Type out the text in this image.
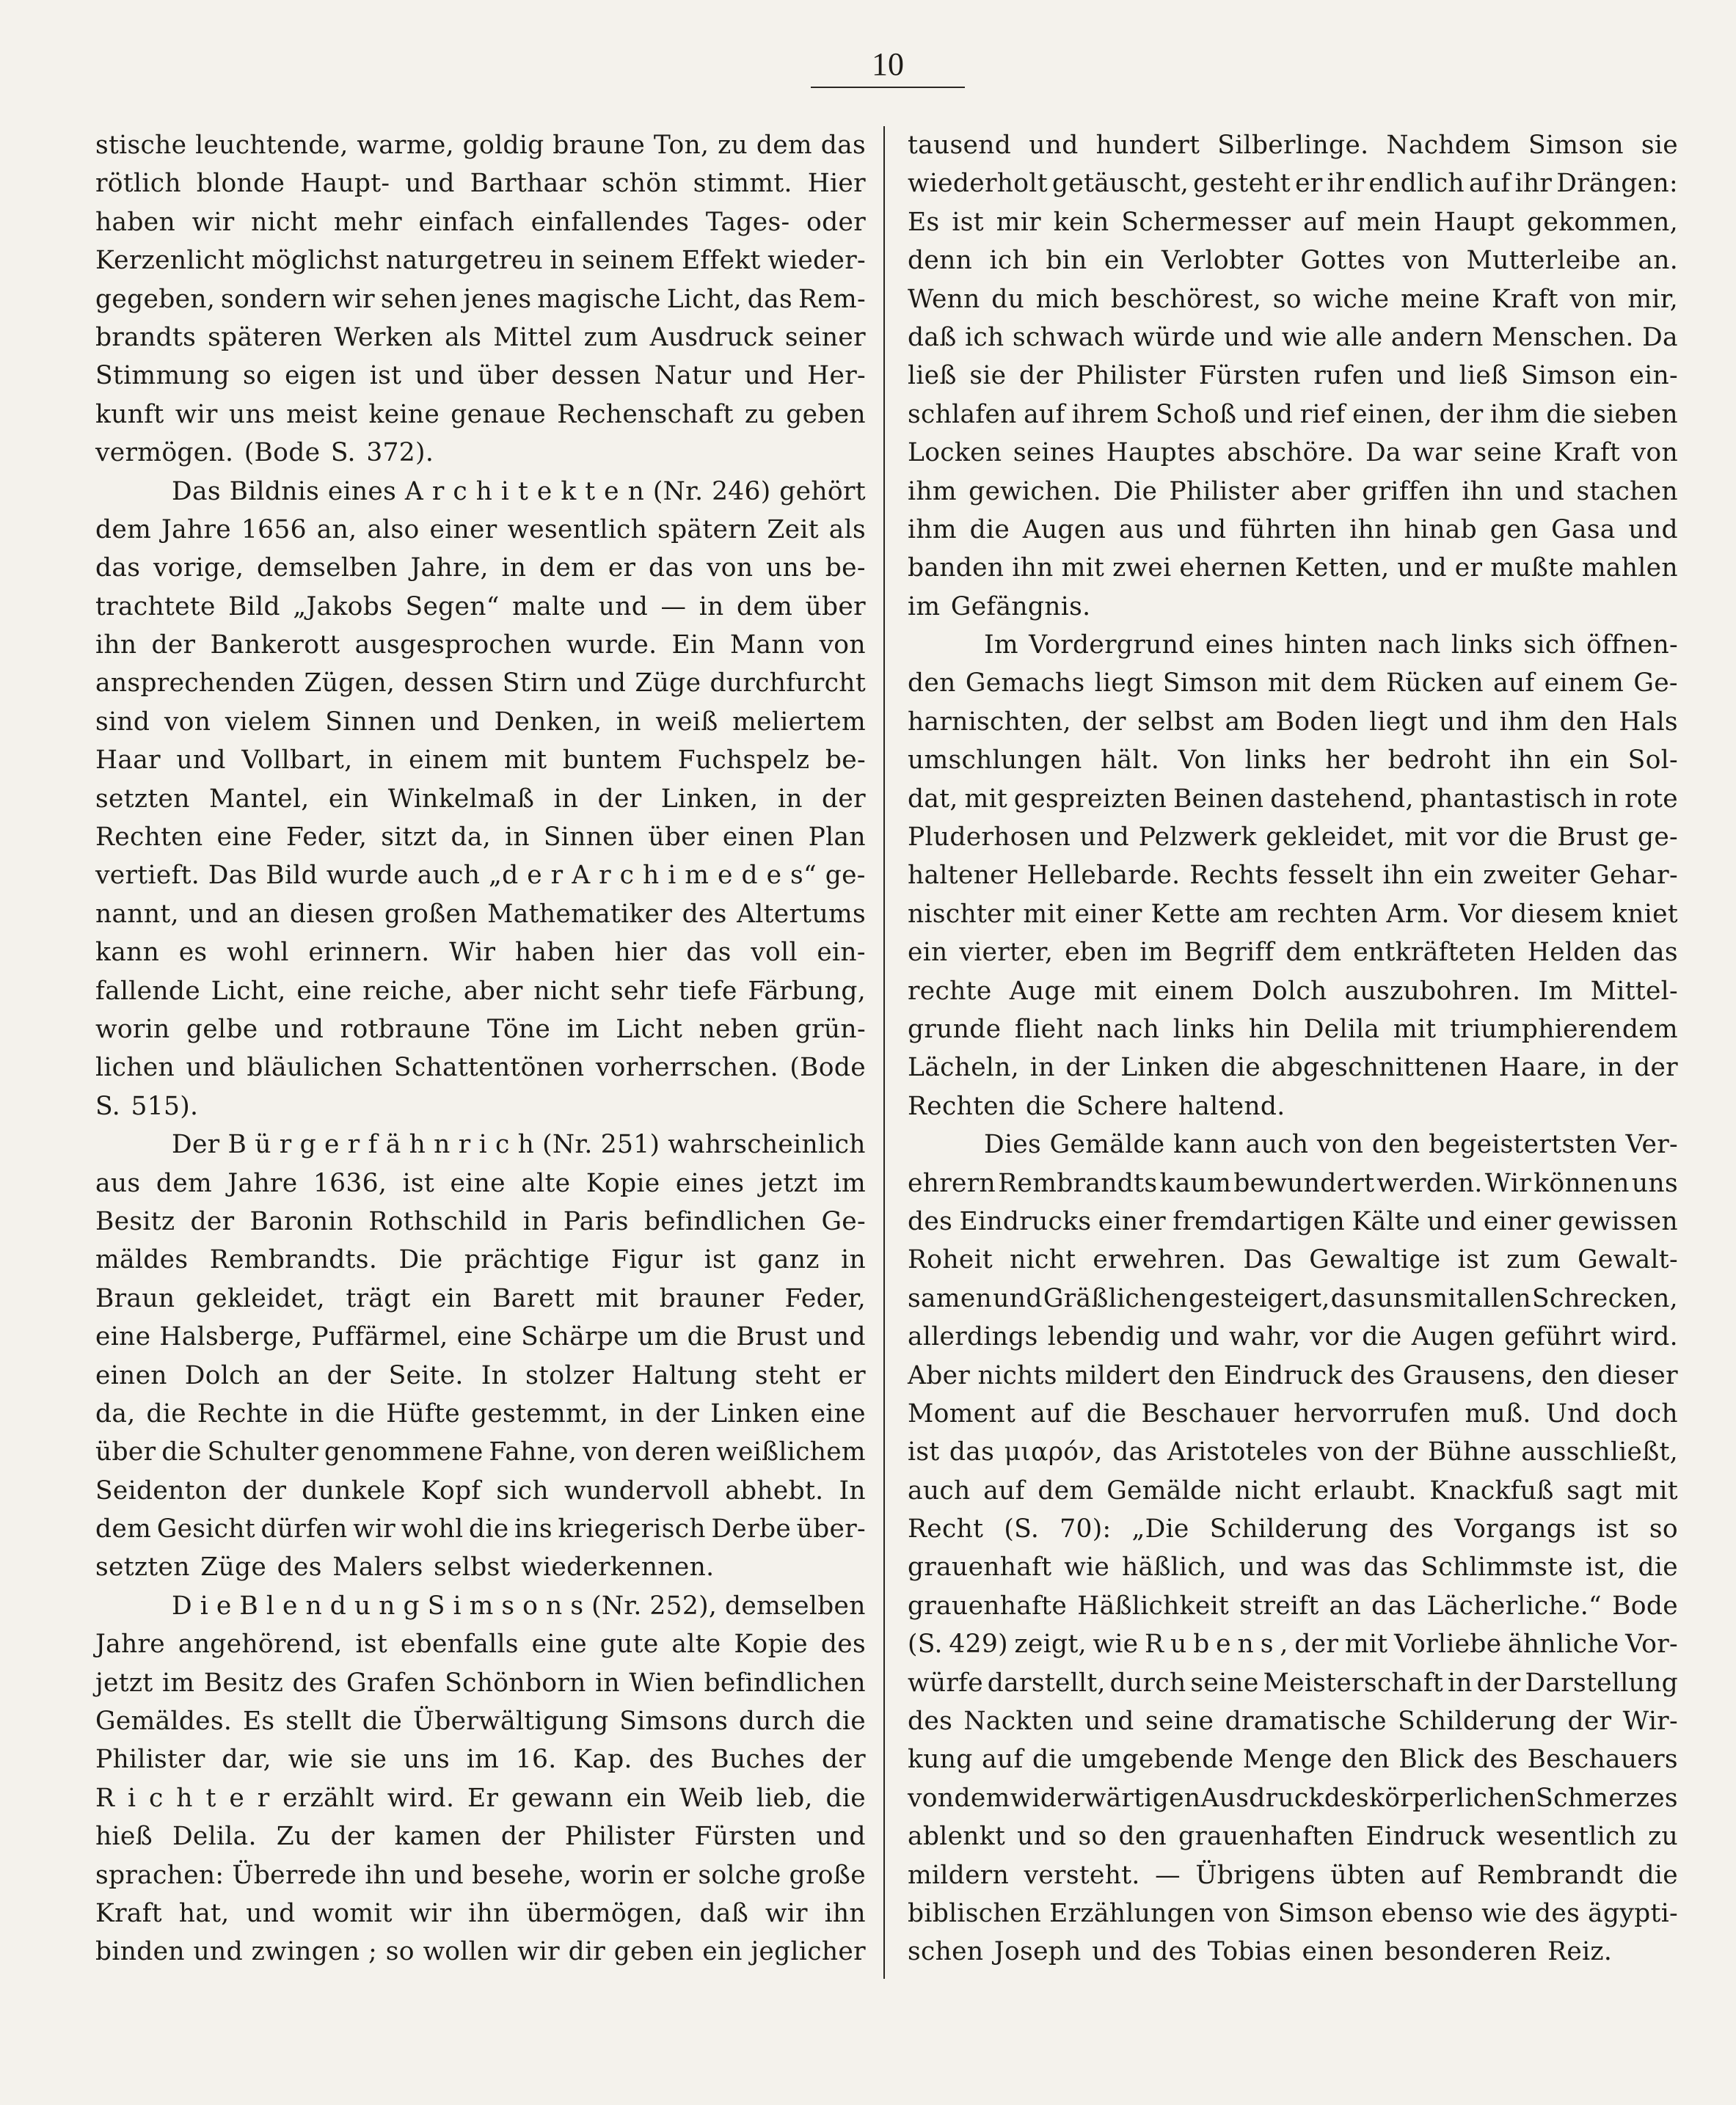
10
stische leuchtende, warme, goldig braune Ton, zu dem das
rötlich blonde Haupt- und Barthaar schön stimmt. Hier
haben wir nicht mehr einfach einfallendes Tages- oder
Kerzenlicht möglichst naturgetreu in seinem Effekt wieder-
gegeben, sondern wir sehen jenes magische Licht, das Rem-
brandts späteren Werken als Mittel zum Ausdruck seiner
Stimmung so eigen ist und über dessen Natur und Her-
kunft wir uns meist keine genaue Rechenschaft zu geben
vermögen. (Bode S. 372).
Das Bildnis eines A r c h i t e k t e n (Nr. 246) gehört
dem Jahre 1656 an, also einer wesentlich spätern Zeit als
das vorige, demselben Jahre, in dem er das von uns be-
trachtete Bild „Jakobs Segen“ malte und — in dem über
ihn der Bankerott ausgesprochen wurde. Ein Mann von
ansprechenden Zügen, dessen Stirn und Züge durchfurcht
sind von vielem Sinnen und Denken, in weiß meliertem
Haar und Vollbart, in einem mit buntem Fuchspelz be-
setzten Mantel, ein Winkelmaß in der Linken, in der
Rechten eine Feder, sitzt da, in Sinnen über einen Plan
vertieft. Das Bild wurde auch „d e r A r c h i m e d e s“ ge-
nannt, und an diesen großen Mathematiker des Altertums
kann es wohl erinnern. Wir haben hier das voll ein-
fallende Licht, eine reiche, aber nicht sehr tiefe Färbung,
worin gelbe und rotbraune Töne im Licht neben grün-
lichen und bläulichen Schattentönen vorherrschen. (Bode
S. 515).
Der B ü r g e r f ä h n r i c h (Nr. 251) wahrscheinlich
aus dem Jahre 1636, ist eine alte Kopie eines jetzt im
Besitz der Baronin Rothschild in Paris befindlichen Ge-
mäldes Rembrandts. Die prächtige Figur ist ganz in
Braun gekleidet, trägt ein Barett mit brauner Feder,
eine Halsberge, Puffärmel, eine Schärpe um die Brust und
einen Dolch an der Seite. In stolzer Haltung steht er
da, die Rechte in die Hüfte gestemmt, in der Linken eine
über die Schulter genommene Fahne, von deren weißlichem
Seidenton der dunkele Kopf sich wundervoll abhebt. In
dem Gesicht dürfen wir wohl die ins kriegerisch Derbe über-
setzten Züge des Malers selbst wiederkennen.
D i e B l e n d u n g S i m s o n s (Nr. 252), demselben
Jahre angehörend, ist ebenfalls eine gute alte Kopie des
jetzt im Besitz des Grafen Schönborn in Wien befindlichen
Gemäldes. Es stellt die Überwältigung Simsons durch die
Philister dar, wie sie uns im 16. Kap. des Buches der
R i c h t e r erzählt wird. Er gewann ein Weib lieb, die
hieß Delila. Zu der kamen der Philister Fürsten und
sprachen: Überrede ihn und besehe, worin er solche große
Kraft hat, und womit wir ihn übermögen, daß wir ihn
binden und zwingen ; so wollen wir dir geben ein jeglicher
tausend und hundert Silberlinge. Nachdem Simson sie
wiederholt getäuscht, gesteht er ihr endlich auf ihr Drängen:
Es ist mir kein Schermesser auf mein Haupt gekommen,
denn ich bin ein Verlobter Gottes von Mutterleibe an.
Wenn du mich beschörest, so wiche meine Kraft von mir,
daß ich schwach würde und wie alle andern Menschen. Da
ließ sie der Philister Fürsten rufen und ließ Simson ein-
schlafen auf ihrem Schoß und rief einen, der ihm die sieben
Locken seines Hauptes abschöre. Da war seine Kraft von
ihm gewichen. Die Philister aber griffen ihn und stachen
ihm die Augen aus und führten ihn hinab gen Gasa und
banden ihn mit zwei ehernen Ketten, und er mußte mahlen
im Gefängnis.
Im Vordergrund eines hinten nach links sich öffnen-
den Gemachs liegt Simson mit dem Rücken auf einem Ge-
harnischten, der selbst am Boden liegt und ihm den Hals
umschlungen hält. Von links her bedroht ihn ein Sol-
dat, mit gespreizten Beinen dastehend, phantastisch in rote
Pluderhosen und Pelzwerk gekleidet, mit vor die Brust ge-
haltener Hellebarde. Rechts fesselt ihn ein zweiter Gehar-
nischter mit einer Kette am rechten Arm. Vor diesem kniet
ein vierter, eben im Begriff dem entkräfteten Helden das
rechte Auge mit einem Dolch auszubohren. Im Mittel-
grunde flieht nach links hin Delila mit triumphierendem
Lächeln, in der Linken die abgeschnittenen Haare, in der
Rechten die Schere haltend.
Dies Gemälde kann auch von den begeistertsten Ver-
ehrern Rembrandts kaum bewundert werden. Wir können uns
des Eindrucks einer fremdartigen Kälte und einer gewissen
Roheit nicht erwehren. Das Gewaltige ist zum Gewalt-
samen und Gräßlichen gesteigert, das uns mit allen Schrecken,
allerdings lebendig und wahr, vor die Augen geführt wird.
Aber nichts mildert den Eindruck des Grausens, den dieser
Moment auf die Beschauer hervorrufen muß. Und doch
ist das μιαρόν, das Aristoteles von der Bühne ausschließt,
auch auf dem Gemälde nicht erlaubt. Knackfuß sagt mit
Recht (S. 70): „Die Schilderung des Vorgangs ist so
grauenhaft wie häßlich, und was das Schlimmste ist, die
grauenhafte Häßlichkeit streift an das Lächerliche.“ Bode
(S. 429) zeigt, wie R u b e n s , der mit Vorliebe ähnliche Vor-
würfe darstellt, durch seine Meisterschaft in der Darstellung
des Nackten und seine dramatische Schilderung der Wir-
kung auf die umgebende Menge den Blick des Beschauers
von dem widerwärtigen Ausdruck des körperlichen Schmerzes
ablenkt und so den grauenhaften Eindruck wesentlich zu
mildern versteht. — Übrigens übten auf Rembrandt die
biblischen Erzählungen von Simson ebenso wie des ägypti-
schen Joseph und des Tobias einen besonderen Reiz.
